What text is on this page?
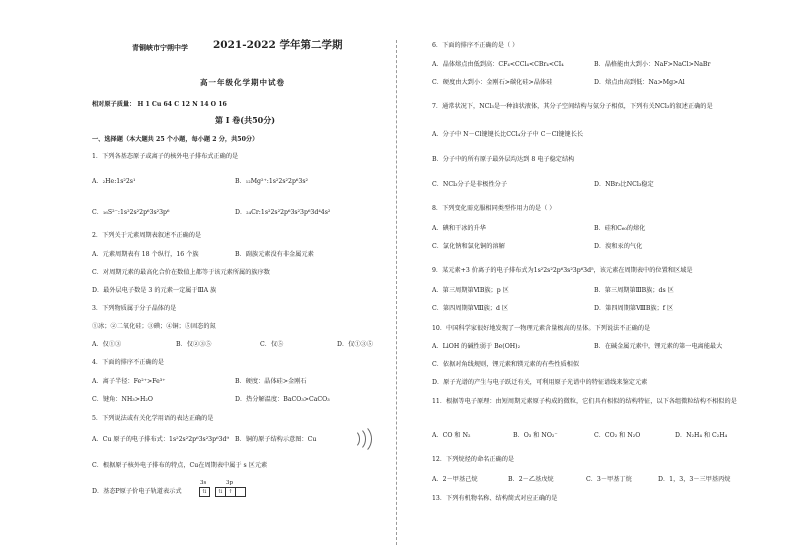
青铜峡市宁朔中学 2021-2022 学年第二学期
高一年级化学期中试卷
相对原子质量： H 1 Cu 64 C 12 N 14 O 16
第 I 卷(共50分)
一、选择题（本大题共 25 个小题，每小题 2 分，共50分）
1．下列各基态原子或离子的核外电子排布式正确的是
A．₂He:1s²2s¹	B．₁₂Mg²⁺:1s²2s²2p⁶3s²
C．₁₆S²⁻:1s²2s²2p⁶3s²3p⁶	D．₂₄Cr:1s²2s²2p⁶3s²3p⁶3d⁴4s²
2．下列关于元素周期表叙述不正确的是
A．元素周期表有 18 个纵行，16 个族	B．副族元素没有非金属元素
C．对周期元素的最高化合价在数值上都等于该元素所属的族序数
D．最外层电子数是 3 的元素一定属于ⅢA 族
3．下列物质属于分子晶体的是
①冰；②二氧化硅；③碘；④铜；⑤固态的氮
A．仅①③	B．仅②③⑤	C．仅⑤	D．仅①③⑤
4．下面的排序不正确的是
A．离子半径：Fe²⁺>Fe³⁺	B．硬度：晶体硅>金刚石
C．键角：NH₃>H₂O	D．热分解温度：BaCO₃>CaCO₃
5．下列说法或有关化学用语的表达正确的是
A．Cu 原子的电子排布式：1s²2s²2p⁶3s²3p⁶3d⁹ B．铜的原子结构示意图：Cu
C．根据原子核外电子排布的特点，Cu在周期表中属于 s 区元素
D．基态P原子价电子轨道表示式
3s	3p
⇅	⇅	↑
6．下面的排序不正确的是（ ）
A．晶体熔点由低到高：CF₄<CCl₄<CBr₄<CI₄	B．晶格能由大到小：NaF>NaCl>NaBr
C．硬度由大到小：金刚石>碳化硅>晶体硅	D．熔点由高到低：Na>Mg>Al
7．通常状况下，NCl₃是一种油状液体，其分子空间结构与氨分子相似，下列有关NCl₃的叙述正确的是
A．分子中 N－Cl键键长比CCl₄分子中 C－Cl键键长长
B．分子中的所有原子最外层均达到 8 电子稳定结构
C．NCl₃分子是非极性分子	D．NBr₃比NCl₃稳定
8．下列变化需克服相同类型作用力的是（ ）
A．碘和干冰的升华	B．硅和C₆₀的熔化
C．氯化钠和氯化铜的溶解	D．溴和汞的气化
9．某元素+3 价离子的电子排布式为1s²2s²2p⁶3s²3p⁶3d⁵，该元素在周期表中的位置和区域是
A．第三周期第ⅥB族；p 区	B．第三周期第ⅢB族；ds 区
C．第四周期第Ⅷ族；d 区	D．第四周期第ⅧB族；f 区
10．中国科学家很好地发现了一物理元素含量极高的星体。下列说法不正确的是
A．LiOH 的碱性弱于 Be(OH)₂	B．在碱金属元素中，锂元素的第一电离能最大
C．依据对角线规则，锂元素和镁元素的有些性质相似
D．原子光谱的产生与电子跃迁有关，可利用原子光谱中的特征谱线来鉴定元素
11．根据等电子原理：由短周期元素原子构成的微粒，它们具有相似的结构特征，以下各组微粒结构不相似的是
A．CO 和 N₂	B．O₃ 和 NO₂⁻	C．CO₂ 和 N₂O	D．N₂H₄ 和 C₂H₄
12．下列烷烃的命名正确的是
A．2－甲基己烷	B．2－乙基戊烷	C．3－甲基丁烷	D．1，3，3－三甲基丙烷
13．下列有机物名称、结构简式对应正确的是
